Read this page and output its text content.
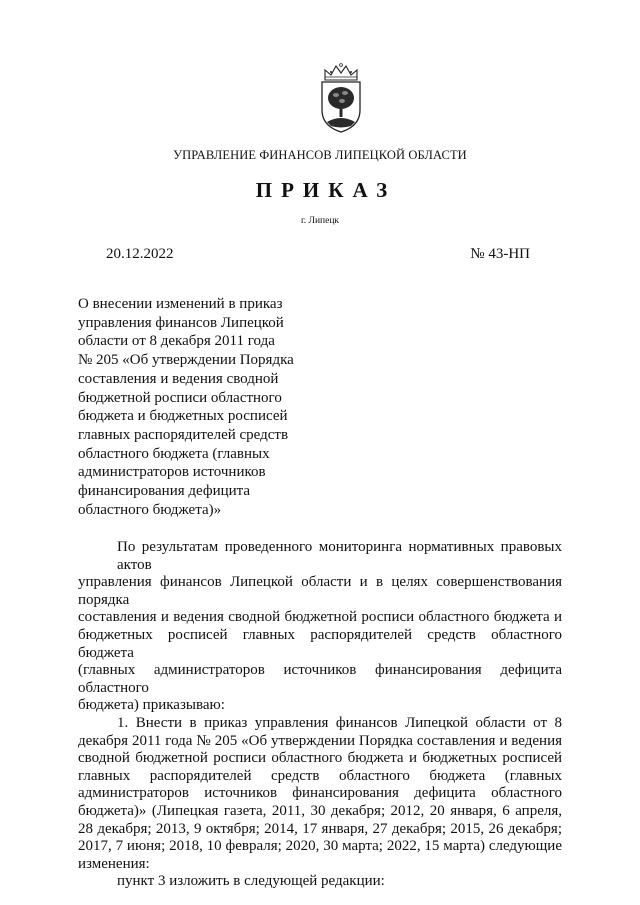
УПРАВЛЕНИЕ ФИНАНСОВ ЛИПЕЦКОЙ ОБЛАСТИ
ПРИКАЗ
г. Липецк
20.12.2022	№ 43-НП
О внесении изменений в приказ
управления финансов Липецкой
области от 8 декабря 2011 года
№ 205 «Об утверждении Порядка
составления и ведения сводной
бюджетной росписи областного
бюджета и бюджетных росписей
главных распорядителей средств
областного бюджета (главных
администраторов источников
финансирования дефицита
областного бюджета)»
По результатам проведенного мониторинга нормативных правовых актов
управления финансов Липецкой области и в целях совершенствования порядка
составления и ведения сводной бюджетной росписи областного бюджета и
бюджетных росписей главных распорядителей средств областного бюджета
(главных администраторов источников финансирования дефицита областного
бюджета) приказываю:
1. Внести в приказ управления финансов Липецкой области от 8
декабря 2011 года № 205 «Об утверждении Порядка составления и ведения
сводной бюджетной росписи областного бюджета и бюджетных росписей
главных распорядителей средств областного бюджета (главных
администраторов источников финансирования дефицита областного
бюджета)» (Липецкая газета, 2011, 30 декабря; 2012, 20 января, 6 апреля,
28 декабря; 2013, 9 октября; 2014, 17 января, 27 декабря; 2015, 26 декабря;
2017, 7 июня; 2018, 10 февраля; 2020, 30 марта; 2022, 15 марта) следующие
изменения:
пункт 3 изложить в следующей редакции:
